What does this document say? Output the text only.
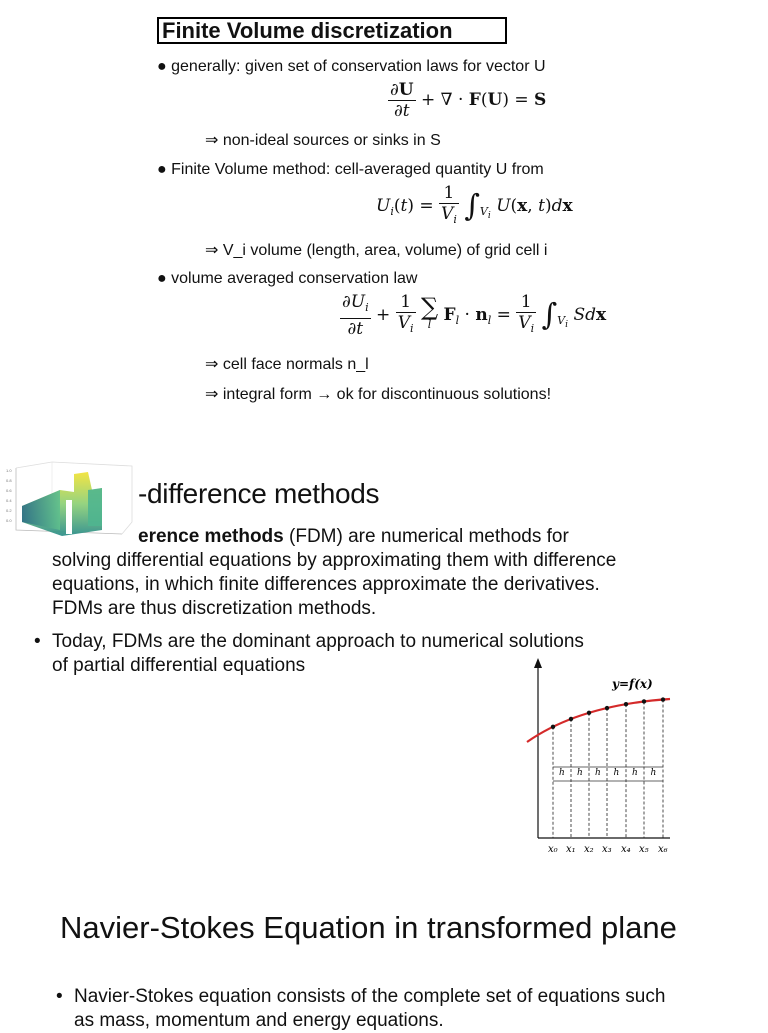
Finite Volume discretization
● generally: given set of conservation laws for vector U
$\frac{\partial U}{\partial t}$ + ∇ · F(U) = S
⇒ non-ideal sources or sinks in S
● Finite Volume method: cell-averaged quantity U from
$U_i(t) = \frac{1}{V_i} \int_{V_i}$ U(x, t)dx
⇒ V_i volume (length, area, volume) of grid cell i
● volume averaged conservation law
$\frac{\partial U_i}{\partial t} + \frac{1}{V_i}$
∑
l $F_l \cdot n_l = \frac{1}{V_i} \int_{V_i}$ Sdx
⇒ cell face normals n_l
⇒ integral form → ok for discontinuous solutions!
1.0
0.8
0.6
0.4
0.2
0.0
-difference methods
erence methods (FDM) are numerical methods for
solving differential equations by approximating them with difference
equations, in which finite differences approximate the derivatives.
FDMs are thus discretization methods.
• Today, FDMs are the dominant approach to numerical solutions
of partial differential equations
h h h h h h
x₀ x₁ x₂ x₃ x₄ x₅ x₆
y=f(x)
Navier-Stokes Equation in transformed plane
• Navier-Stokes equation consists of the complete set of equations such
as mass, momentum and energy equations.
